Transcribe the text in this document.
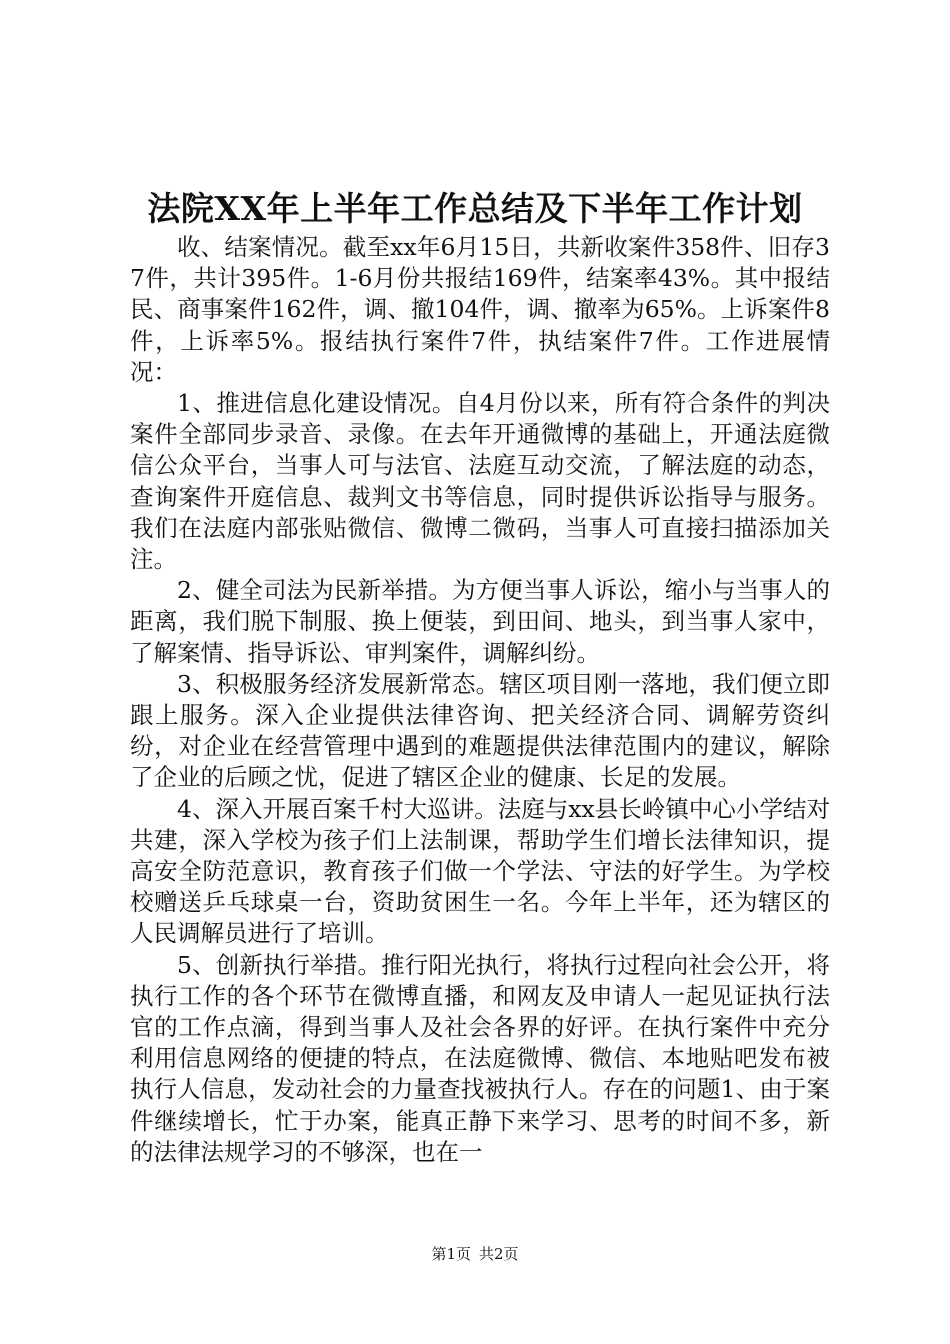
法院XX年上半年工作总结及下半年工作计划

收、结案情况。截至xx年6月15日，共新收案件358件、旧存37件，共计395件。1-6月份共报结169件，结案率43%。其中报结民、商事案件162件，调、撤104件，调、撤率为65%。上诉案件8件，上诉率5%。报结执行案件7件，执结案件7件。工作进展情况：

1、推进信息化建设情况。自4月份以来，所有符合条件的判决案件全部同步录音、录像。在去年开通微博的基础上，开通法庭微信公众平台，当事人可与法官、法庭互动交流，了解法庭的动态，查询案件开庭信息、裁判文书等信息，同时提供诉讼指导与服务。我们在法庭内部张贴微信、微博二微码，当事人可直接扫描添加关注。

2、健全司法为民新举措。为方便当事人诉讼，缩小与当事人的距离，我们脱下制服、换上便装，到田间、地头，到当事人家中，了解案情、指导诉讼、审判案件，调解纠纷。

3、积极服务经济发展新常态。辖区项目刚一落地，我们便立即跟上服务。深入企业提供法律咨询、把关经济合同、调解劳资纠纷，对企业在经营管理中遇到的难题提供法律范围内的建议，解除了企业的后顾之忧，促进了辖区企业的健康、长足的发展。

4、深入开展百案千村大巡讲。法庭与xx县长岭镇中心小学结对共建，深入学校为孩子们上法制课，帮助学生们增长法律知识，提高安全防范意识，教育孩子们做一个学法、守法的好学生。为学校校赠送乒乓球桌一台，资助贫困生一名。今年上半年，还为辖区的人民调解员进行了培训。

5、创新执行举措。推行阳光执行，将执行过程向社会公开，将执行工作的各个环节在微博直播，和网友及申请人一起见证执行法官的工作点滴，得到当事人及社会各界的好评。在执行案件中充分利用信息网络的便捷的特点，在法庭微博、微信、本地贴吧发布被执行人信息，发动社会的力量查找被执行人。存在的问题1、由于案件继续增长，忙于办案，能真正静下来学习、思考的时间不多，新的法律法规学习的不够深，也在一

第1页 共2页
